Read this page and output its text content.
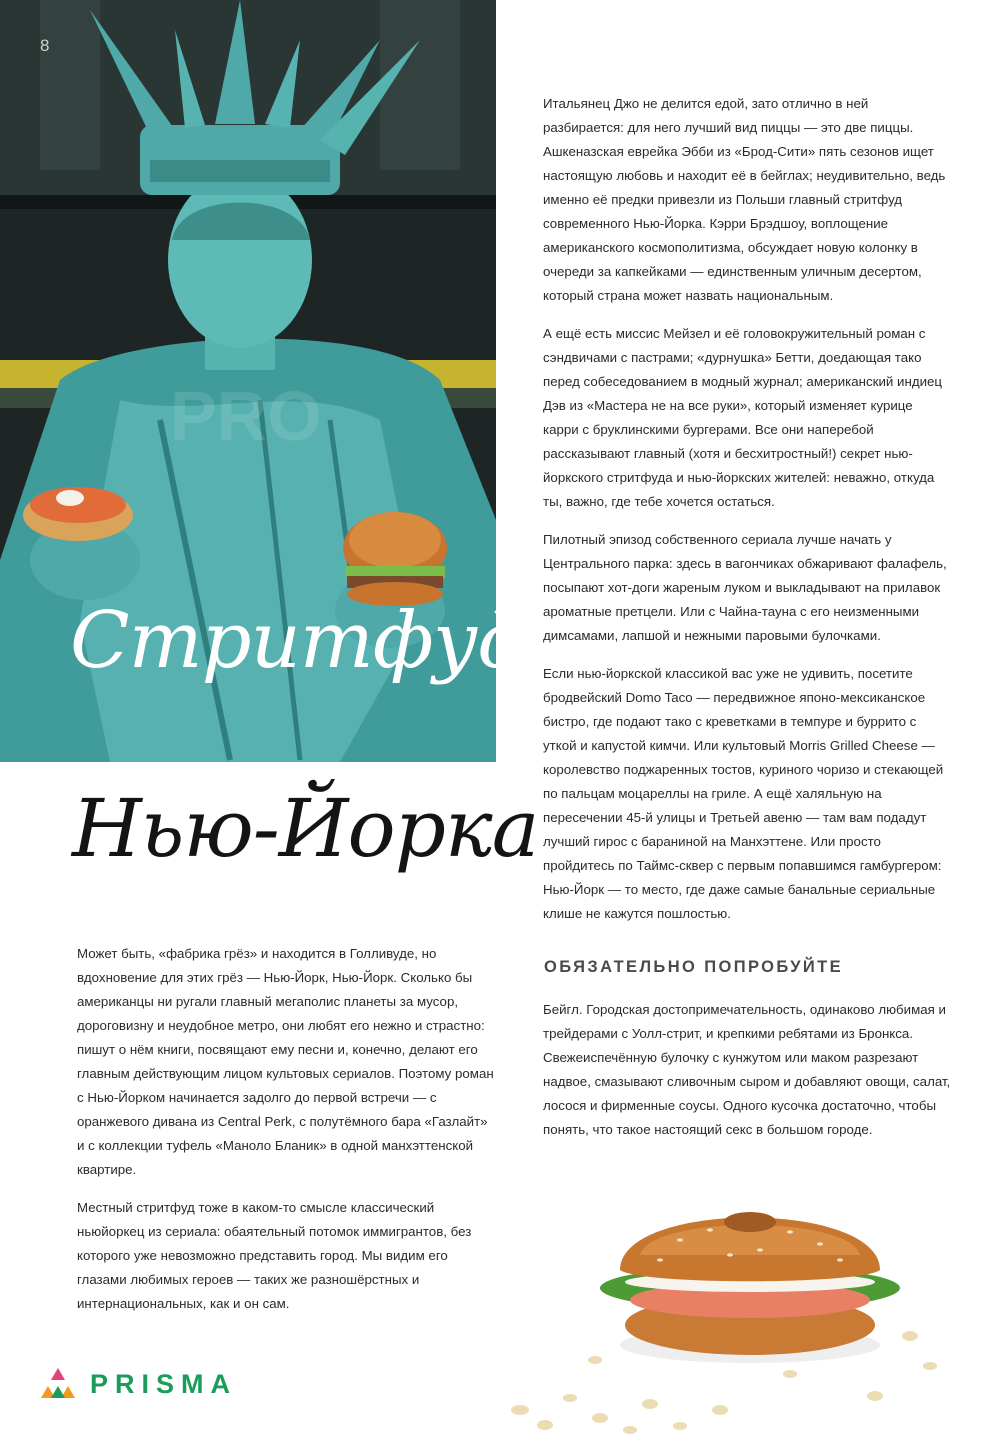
PRO
8
Стритфуд
Нью-Йорка

Может быть, «фабрика грёз» и находится в Голливуде, но вдохновение для этих грёз — Нью-Йорк, Нью-Йорк. Сколько бы американцы ни ругали главный мегаполис планеты за мусор, дороговизну и неудобное метро, они любят его нежно и страстно: пишут о нём книги, посвящают ему песни и, конечно, делают его главным действующим лицом культовых сериалов. Поэтому роман с Нью-Йорком начинается задолго до первой встречи — с оранжевого дивана из Central Perk, с полутёмного бара «Газлайт» и с коллекции туфель «Маноло Бланик» в одной манхэттенской квартире.

Местный стритфуд тоже в каком-то смысле классический ньюйоркец из сериала: обаятельный потомок иммигрантов, без которого уже невозможно представить город. Мы видим его глазами любимых героев — таких же разношёрстных и интернациональных, как и он сам.

Итальянец Джо не делится едой, зато отлично в ней разбирается: для него лучший вид пиццы — это две пиццы. Ашкеназская еврейка Эбби из «Брод-Сити» пять сезонов ищет настоящую любовь и находит её в бейглах; неудивительно, ведь именно её предки привезли из Польши главный стритфуд современного Нью-Йорка. Кэрри Брэдшоу, воплощение американского космополитизма, обсуждает новую колонку в очереди за капкейками — единственным уличным десертом, который страна может назвать национальным.

А ещё есть миссис Мейзел и её головокружительный роман с сэндвичами с пастрами; «дурнушка» Бетти, доедающая тако перед собеседованием в модный журнал; американский индиец Дэв из «Мастера не на все руки», который изменяет курице карри с бруклинскими бургерами. Все они наперебой рассказывают главный (хотя и бесхитростный!) секрет нью-йоркского стритфуда и нью-йоркских жителей: неважно, откуда ты, важно, где тебе хочется остаться.

Пилотный эпизод собственного сериала лучше начать у Центрального парка: здесь в вагончиках обжаривают фалафель, посыпают хот-доги жареным луком и выкладывают на прилавок ароматные претцели. Или с Чайна-тауна с его неизменными димсамами, лапшой и нежными паровыми булочками.

Если нью-йоркской классикой вас уже не удивить, посетите бродвейский Domo Taco — передвижное японо-мексиканское бистро, где подают тако с креветками в темпуре и буррито с уткой и капустой кимчи. Или культовый Morris Grilled Cheese — королевство поджаренных тостов, куриного чоризо и стекающей по пальцам моцареллы на гриле. А ещё халяльную на пересечении 45-й улицы и Третьей авеню — там вам подадут лучший гирос с бараниной на Манхэттене. Или просто пройдитесь по Таймс-сквер с первым попавшимся гамбургером: Нью-Йорк — то место, где даже самые банальные сериальные клише не кажутся пошлостью.

ОБЯЗАТЕЛЬНО ПОПРОБУЙТЕ

Бейгл. Городская достопримечательность, одинаково любимая и трейдерами с Уолл-стрит, и крепкими ребятами из Бронкса. Свежеиспечённую булочку с кунжутом или маком разрезают надвое, смазывают сливочным сыром и добавляют овощи, салат, лосося и фирменные соусы. Одного кусочка достаточно, чтобы понять, что такое настоящий секс в большом городе.

PRISMA
